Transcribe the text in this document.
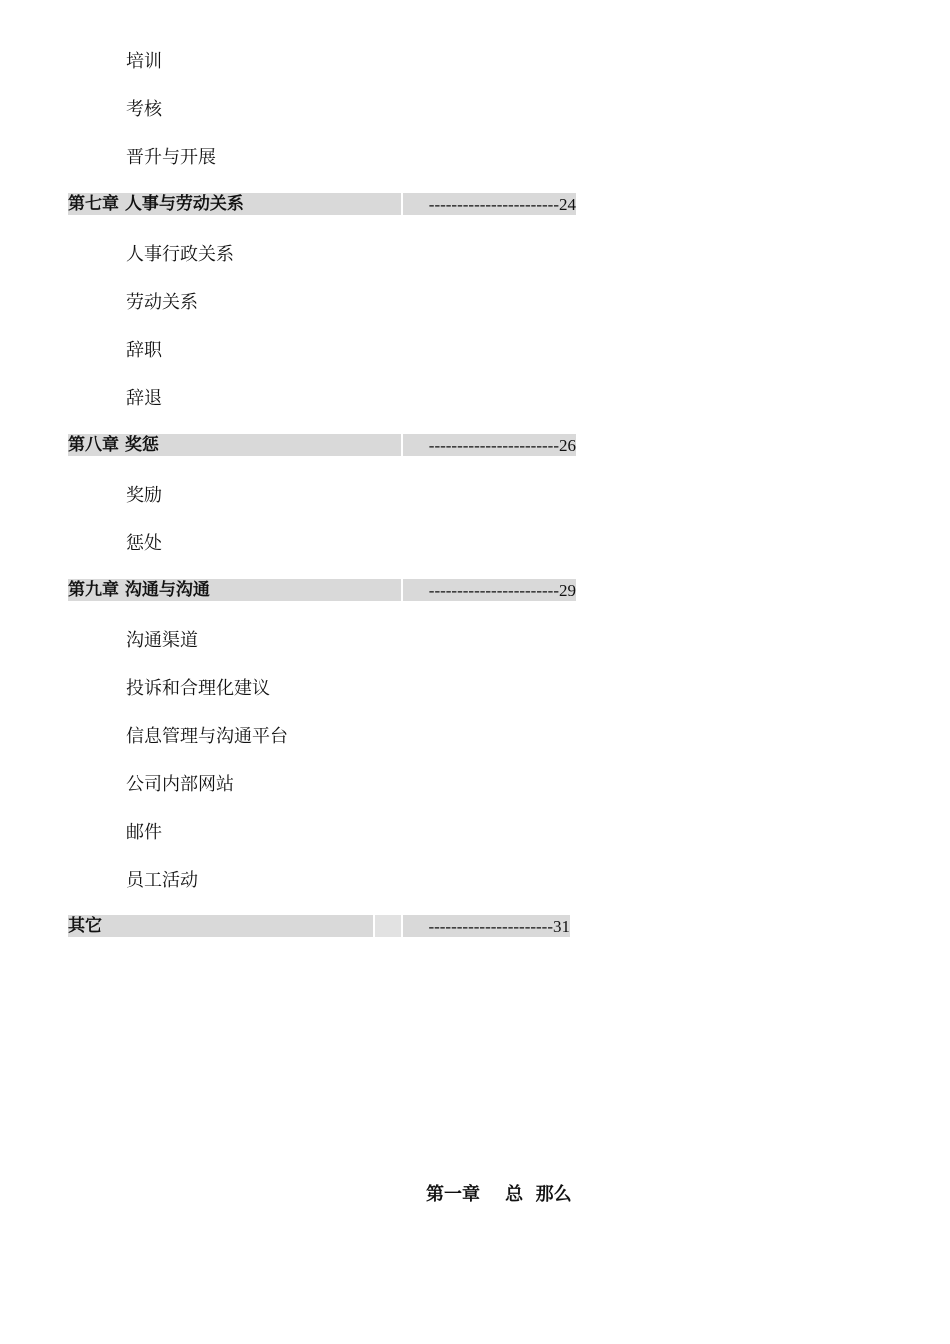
培训
考核
晋升与开展
第七章 人事与劳动关系	-----------------------24
人事行政关系
劳动关系
辞职
辞退
第八章 奖惩	-----------------------26
奖励
惩处
第九章 沟通与沟通	-----------------------29
沟通渠道
投诉和合理化建议
信息管理与沟通平台
公司内部网站
邮件
员工活动
其它	----------------------31
第一章    总  那么
